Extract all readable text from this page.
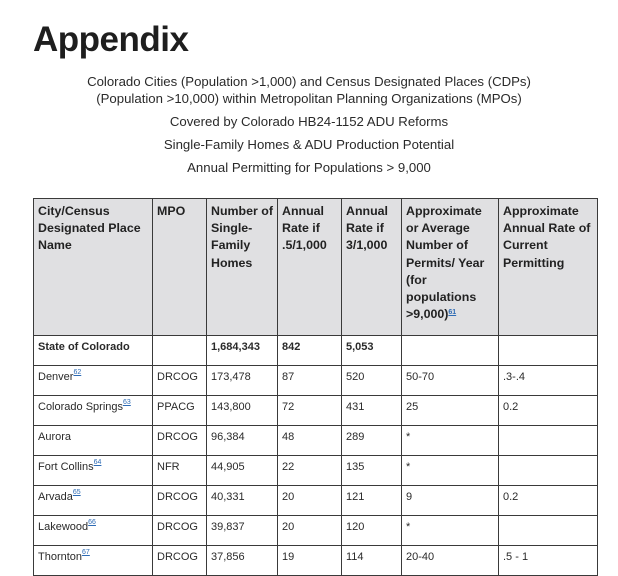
Appendix
Colorado Cities (Population >1,000) and Census Designated Places (CDPs)
(Population >10,000) within Metropolitan Planning Organizations (MPOs)
Covered by Colorado HB24-1152 ADU Reforms
Single-Family Homes & ADU Production Potential
Annual Permitting for Populations > 9,000
City/Census Designated Place Name	MPO	Number of Single-Family Homes	Annual Rate if .5/1,000	Annual Rate if 3/1,000	Approximate or Average Number of Permits/ Year (for populations >9,000)$^{61}$	Approximate Annual Rate of Current Permitting
State of Colorado		1,684,343	842	5,053		
Denver$^{62}$	DRCOG	173,478	87	520	50-70	.3-.4
Colorado Springs$^{63}$	PPACG	143,800	72	431	25	0.2
Aurora	DRCOG	96,384	48	289	*	
Fort Collins$^{64}$	NFR	44,905	22	135	*	
Arvada$^{65}$	DRCOG	40,331	20	121	9	0.2
Lakewood$^{66}$	DRCOG	39,837	20	120	*	
Thornton$^{67}$	DRCOG	37,856	19	114	20-40	.5 - 1
